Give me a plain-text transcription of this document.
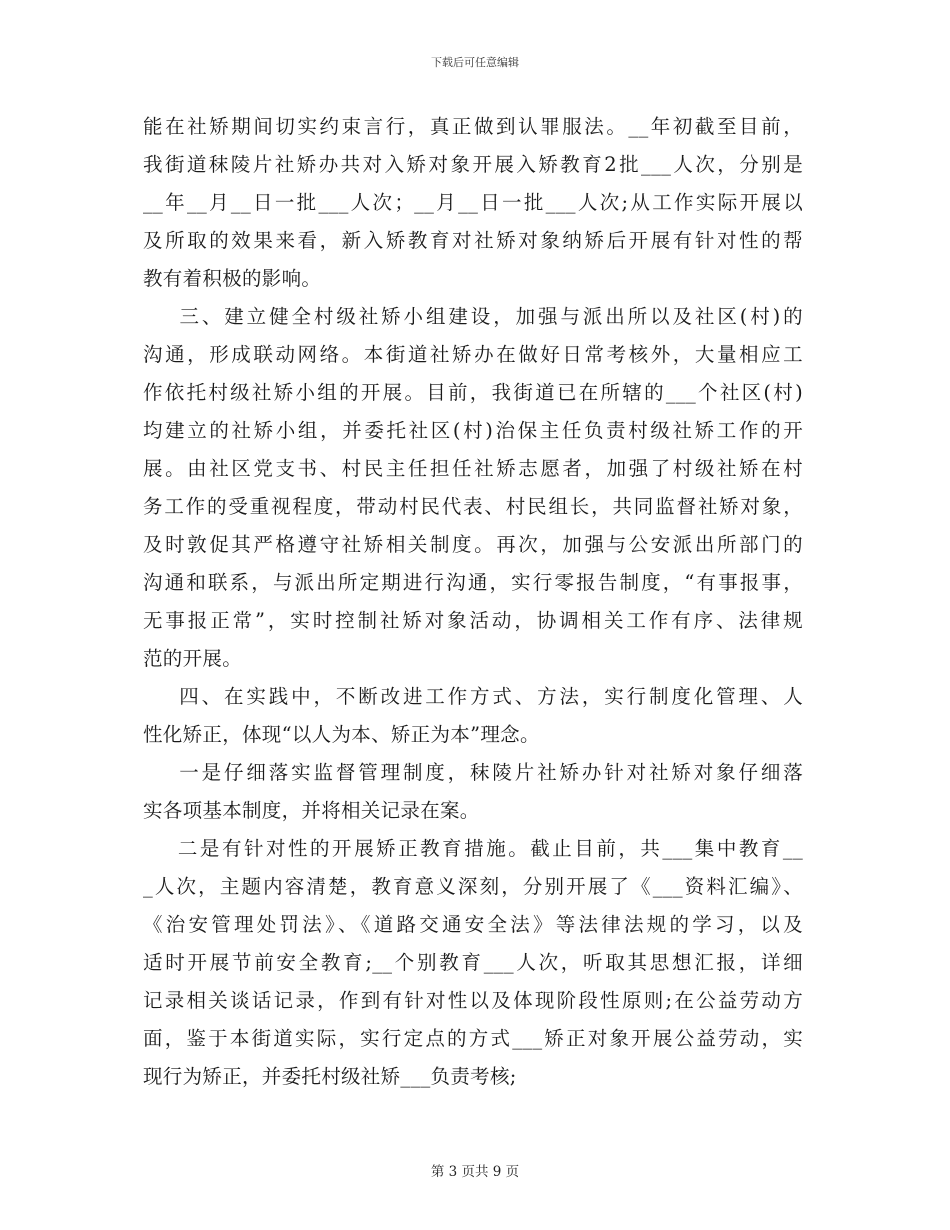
下载后可任意编辑
能在社矫期间切实约束言行，真正做到认罪服法。__年初截至目前，
我街道秣陵片社矫办共对入矫对象开展入矫教育2批___人次，分别是
__年__月__日一批___人次；__月__日一批___人次;从工作实际开展以
及所取的效果来看，新入矫教育对社矫对象纳矫后开展有针对性的帮
教有着积极的影响。
三、建立健全村级社矫小组建设，加强与派出所以及社区(村)的
沟通，形成联动网络。本街道社矫办在做好日常考核外，大量相应工
作依托村级社矫小组的开展。目前，我街道已在所辖的___个社区(村)
均建立的社矫小组，并委托社区(村)治保主任负责村级社矫工作的开
展。由社区党支书、村民主任担任社矫志愿者，加强了村级社矫在村
务工作的受重视程度，带动村民代表、村民组长，共同监督社矫对象，
及时敦促其严格遵守社矫相关制度。再次，加强与公安派出所部门的
沟通和联系，与派出所定期进行沟通，实行零报告制度，“有事报事，
无事报正常”，实时控制社矫对象活动，协调相关工作有序、法律规
范的开展。
四、在实践中，不断改进工作方式、方法，实行制度化管理、人
性化矫正，体现“以人为本、矫正为本”理念。
一是仔细落实监督管理制度，秣陵片社矫办针对社矫对象仔细落
实各项基本制度，并将相关记录在案。
二是有针对性的开展矫正教育措施。截止目前，共___集中教育__
_人次，主题内容清楚，教育意义深刻，分别开展了《___资料汇编》、
《治安管理处罚法》、《道路交通安全法》等法律法规的学习，以及
适时开展节前安全教育;__个别教育___人次，听取其思想汇报，详细
记录相关谈话记录，作到有针对性以及体现阶段性原则;在公益劳动方
面，鉴于本街道实际，实行定点的方式___矫正对象开展公益劳动，实
现行为矫正，并委托村级社矫___负责考核;
第 3 页共 9 页
